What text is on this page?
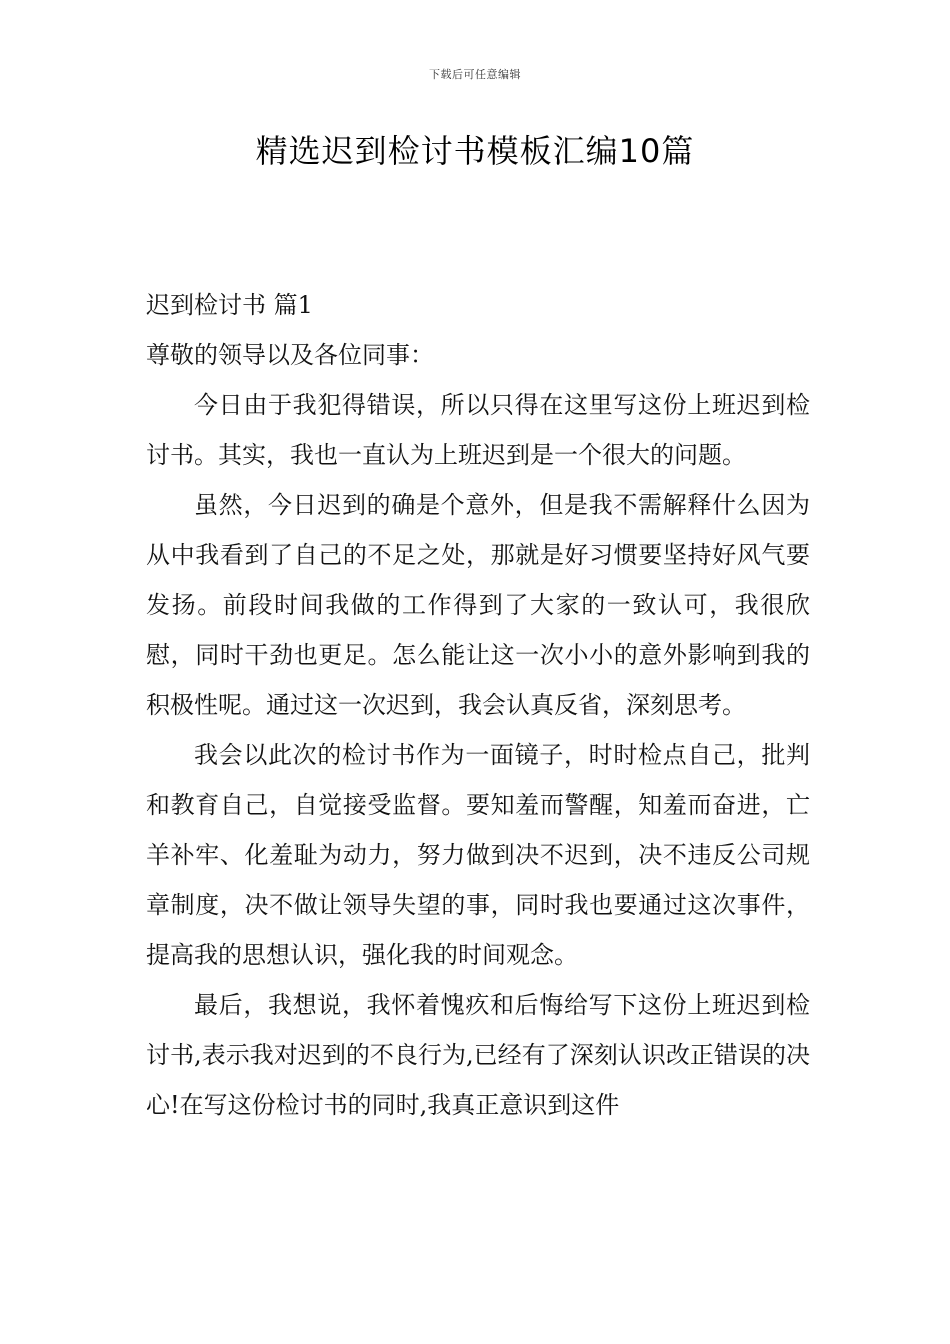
下载后可任意编辑
精选迟到检讨书模板汇编10篇

迟到检讨书 篇1

尊敬的领导以及各位同事：

今日由于我犯得错误，所以只得在这里写这份上班迟到检讨书。其实，我也一直认为上班迟到是一个很大的问题。

虽然，今日迟到的确是个意外，但是我不需解释什么因为从中我看到了自己的不足之处，那就是好习惯要坚持好风气要发扬。前段时间我做的工作得到了大家的一致认可，我很欣慰，同时干劲也更足。怎么能让这一次小小的意外影响到我的积极性呢。通过这一次迟到，我会认真反省，深刻思考。

我会以此次的检讨书作为一面镜子，时时检点自己，批判和教育自己，自觉接受监督。要知羞而警醒，知羞而奋进，亡羊补牢、化羞耻为动力，努力做到决不迟到，决不违反公司规章制度，决不做让领导失望的事，同时我也要通过这次事件，提高我的思想认识，强化我的时间观念。

最后，我想说，我怀着愧疚和后悔给写下这份上班迟到检讨书,表示我对迟到的不良行为,已经有了深刻认识改正错误的决心!在写这份检讨书的同时,我真正意识到这件
